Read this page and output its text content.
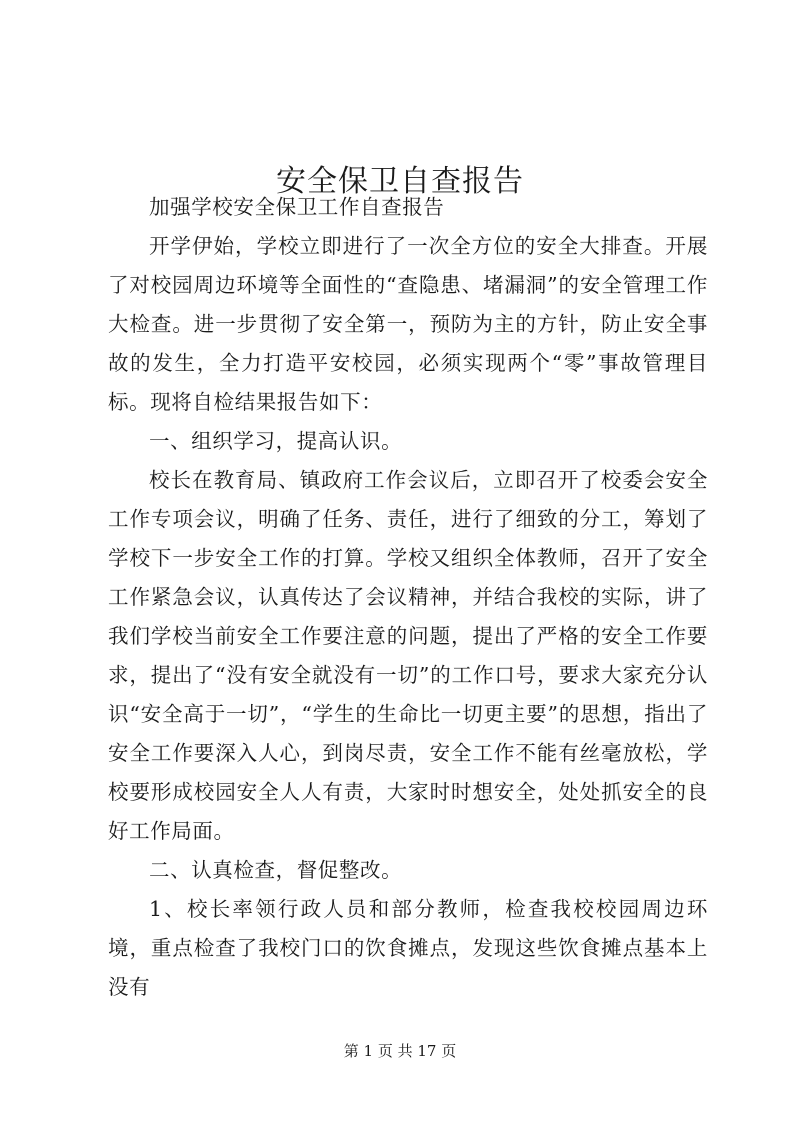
安全保卫自查报告

加强学校安全保卫工作自查报告

开学伊始，学校立即进行了一次全方位的安全大排查。开展了对校园周边环境等全面性的“查隐患、堵漏洞”的安全管理工作大检查。进一步贯彻了安全第一，预防为主的方针，防止安全事故的发生，全力打造平安校园，必须实现两个“零”事故管理目标。现将自检结果报告如下：

一、组织学习，提高认识。

校长在教育局、镇政府工作会议后，立即召开了校委会安全工作专项会议，明确了任务、责任，进行了细致的分工，筹划了学校下一步安全工作的打算。学校又组织全体教师，召开了安全工作紧急会议，认真传达了会议精神，并结合我校的实际，讲了我们学校当前安全工作要注意的问题，提出了严格的安全工作要求，提出了“没有安全就没有一切”的工作口号，要求大家充分认识“安全高于一切”，“学生的生命比一切更主要”的思想，指出了安全工作要深入人心，到岗尽责，安全工作不能有丝毫放松，学校要形成校园安全人人有责，大家时时想安全，处处抓安全的良好工作局面。

二、认真检查，督促整改。

1、校长率领行政人员和部分教师，检查我校校园周边环境，重点检查了我校门口的饮食摊点，发现这些饮食摊点基本上没有

第 1 页 共 17 页
